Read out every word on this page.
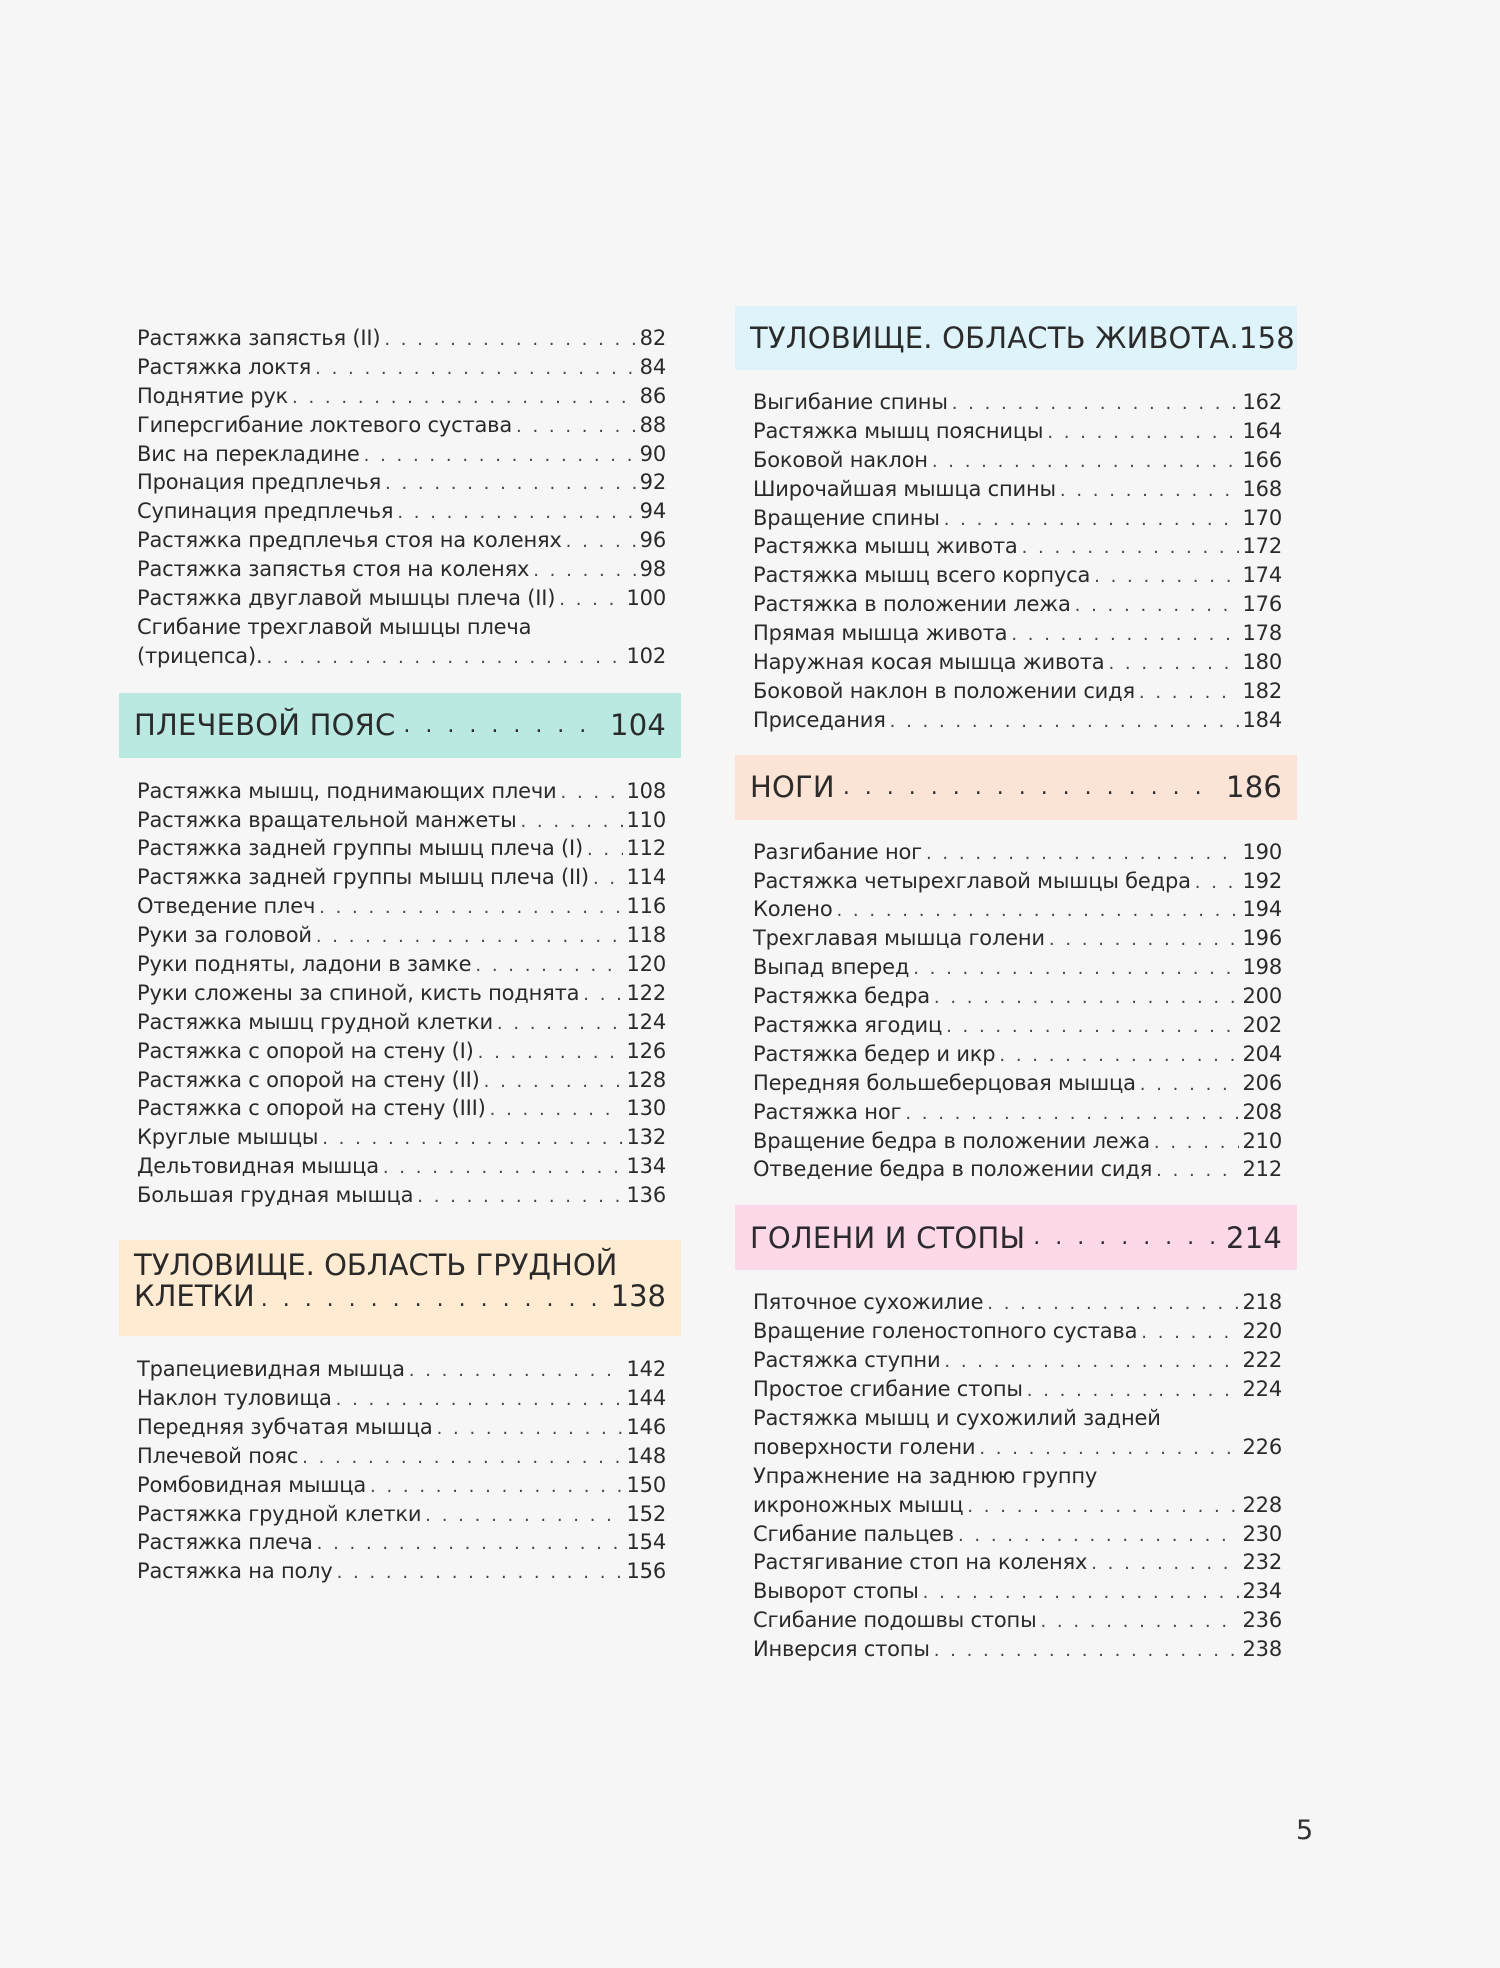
Растяжка запястья (II) . . .	82
Растяжка локтя . . .	84
Поднятие рук . . .	86
Гиперсгибание локтевого сустава . . .	88
Вис на перекладине . . .	90
Пронация предплечья . . .	92
Супинация предплечья . . .	94
Растяжка предплечья стоя на коленях . . .	96
Растяжка запястья стоя на коленях . . .	98
Растяжка двуглавой мышцы плеча (II) . . .	100
Сгибание трехглавой мышцы плеча
(трицепса). . . .	102
ПЛЕЧЕВОЙ ПОЯС . . .	104
Растяжка мышц, поднимающих плечи . . .	108
Растяжка вращательной манжеты . . .	110
Растяжка задней группы мышц плеча (I) . . . 112
Растяжка задней группы мышц плеча (II) . . . 114
Отведение плеч . . .	116
Руки за головой . . .	118
Руки подняты, ладони в замке . . .	120
Руки сложены за спиной, кисть поднята . . . 122
Растяжка мышц грудной клетки . . .	124
Растяжка с опорой на стену (I) . . .	126
Растяжка с опорой на стену (II) . . .	128
Растяжка с опорой на стену (III) . . .	130
Круглые мышцы . . .	132
Дельтовидная мышца . . .	134
Большая грудная мышца . . .	136
ТУЛОВИЩЕ. ОБЛАСТЬ ГРУДНОЙ
КЛЕТКИ . . .	138
Трапециевидная мышца . . .	142
Наклон туловища . . .	144
Передняя зубчатая мышца . . .	146
Плечевой пояс . . .	148
Ромбовидная мышца . . .	150
Растяжка грудной клетки . . .	152
Растяжка плеча . . .	154
Растяжка на полу . . .	156
ТУЛОВИЩЕ. ОБЛАСТЬ ЖИВОТА .158
Выгибание спины . . .	162
Растяжка мышц поясницы . . .	164
Боковой наклон . . .	166
Широчайшая мышца спины . . .	168
Вращение спины . . .	170
Растяжка мышц живота . . .	172
Растяжка мышц всего корпуса . . .	174
Растяжка в положении лежа . . .	176
Прямая мышца живота . . .	178
Наружная косая мышца живота . . .	180
Боковой наклон в положении сидя . . .	182
Приседания . . .	184
НОГИ . . .	186
Разгибание ног . . .	190
Растяжка четырехглавой мышцы бедра . . . 192
Колено . . .	194
Трехглавая мышца голени . . .	196
Выпад вперед . . .	198
Растяжка бедра . . .	200
Растяжка ягодиц . . .	202
Растяжка бедер и икр . . .	204
Передняя большеберцовая мышца . . .	206
Растяжка ног . . .	208
Вращение бедра в положении лежа . . .	210
Отведение бедра в положении сидя . . .	212
ГОЛЕНИ И СТОПЫ . . .	214
Пяточное сухожилие . . .	218
Вращение голеностопного сустава . . .	220
Растяжка ступни . . .	222
Простое сгибание стопы . . .	224
Растяжка мышц и сухожилий задней
поверхности голени . . .	226
Упражнение на заднюю группу
икроножных мышц . . .	228
Сгибание пальцев . . .	230
Растягивание стоп на коленях . . .	232
Выворот стопы . . .	234
Сгибание подошвы стопы . . .	236
Инверсия стопы . . .	238
5
